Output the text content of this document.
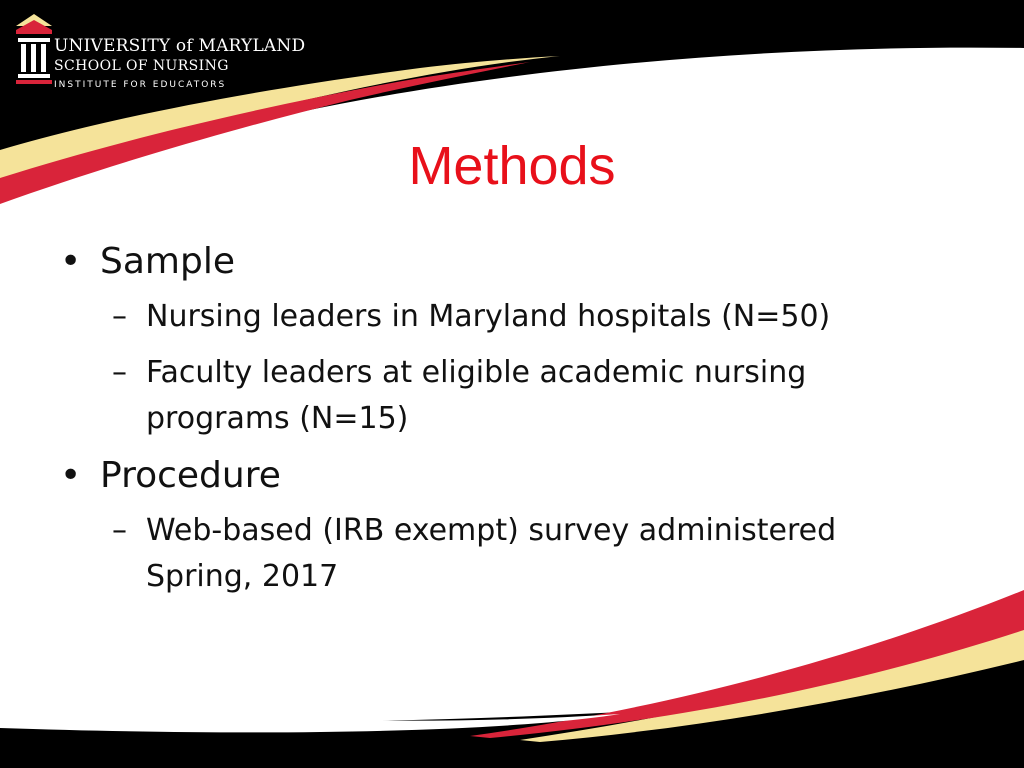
UNIVERSITY of MARYLAND
SCHOOL OF NURSING
INSTITUTE FOR EDUCATORS
Methods
• Sample
– Nursing leaders in Maryland hospitals (N=50)
– Faculty leaders at eligible academic nursing programs (N=15)
• Procedure
– Web-based (IRB exempt) survey administered Spring, 2017
